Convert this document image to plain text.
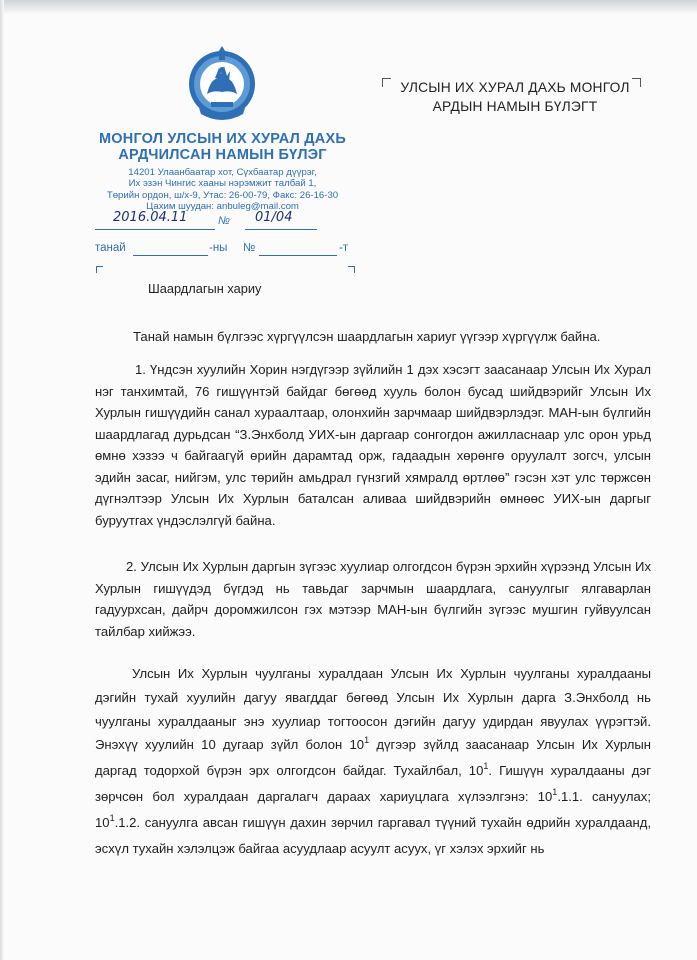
МОНГОЛ УЛСЫН ИХ ХУРАЛ ДАХЬ
АРДЧИЛСАН НАМЫН БҮЛЭГ
14201 Улаанбаатар хот, Сүхбаатар дүүрэг,
Их эзэн Чингис хааны нэрэмжит талбай 1,
Төрийн ордон, ш/х-9, Утас: 26-00-79, Факс: 26-16-30
Цахим шуудан: anbuleg@mail.com
2016.04.11	№ 01/04
танай	-ны №	-т
УЛСЫН ИХ ХУРАЛ ДАХЬ МОНГОЛ
АРДЫН НАМЫН БҮЛЭГТ
Шаардлагын хариу
Танай намын бүлгээс хүргүүлсэн шаардлагын хариуг үүгээр хүргүүлж байна.
1. Үндсэн хуулийн Хорин нэгдүгээр зүйлийн 1 дэх хэсэгт заасанаар Улсын Их Хурал нэг танхимтай, 76 гишүүнтэй байдаг бөгөөд хууль болон бусад шийдвэрийг Улсын Их Хурлын гишүүдийн санал хураалтаар, олонхийн зарчмаар шийдвэрлэдэг. МАН-ын бүлгийн шаардлагад дурьдсан “З.Энхболд УИХ-ын даргаар сонгогдон ажилласнаар улс орон урьд өмнө хэзээ ч байгаагүй өрийн дарамтад орж, гадаадын хөрөнгө оруулалт зогсч, улсын эдийн засаг, нийгэм, улс төрийн амьдрал гүнзгий хямралд өртлөө” гэсэн хэт улс төржсөн дүгнэлтээр Улсын Их Хурлын баталсан аливаа шийдвэрийн өмнөөс УИХ-ын даргыг буруутгах үндэслэлгүй байна.
2. Улсын Их Хурлын даргын зүгээс хуулиар олгогдсон бүрэн эрхийн хүрээнд Улсын Их Хурлын гишүүдэд бүгдэд нь тавьдаг зарчмын шаардлага, сануулгыг ялгаварлан гадуурхсан, дайрч доромжилсон гэх мэтээр МАН-ын бүлгийн зүгээс мушгин гуйвуулсан тайлбар хийжээ.
Улсын Их Хурлын чуулганы хуралдаан Улсын Их Хурлын чуулганы хуралдааны дэгийн тухай хуулийн дагуу явагддаг бөгөөд Улсын Их Хурлын дарга З.Энхболд нь чуулганы хуралдааныг энэ хуулиар тогтоосон дэгийн дагуу удирдан явуулах үүрэгтэй. Энэхүү хуулийн 10 дугаар зүйл болон $10^1$ дүгээр зүйлд заасанаар Улсын Их Хурлын даргад тодорхой бүрэн эрх олгогдсон байдаг. Тухайлбал, $10^1$. Гишүүн хуралдааны дэг зөрчсөн бол хуралдаан даргалагч дараах хариуцлага хүлээлгэнэ: $10^1.1.1$. сануулах; $10^1.1.2$. сануулга авсан гишүүн дахин зөрчил гаргавал түүний тухайн өдрийн хуралдаанд, эсхүл тухайн хэлэлцэж байгаа асуудлаар асуулт асуух, үг хэлэх эрхийг нь
